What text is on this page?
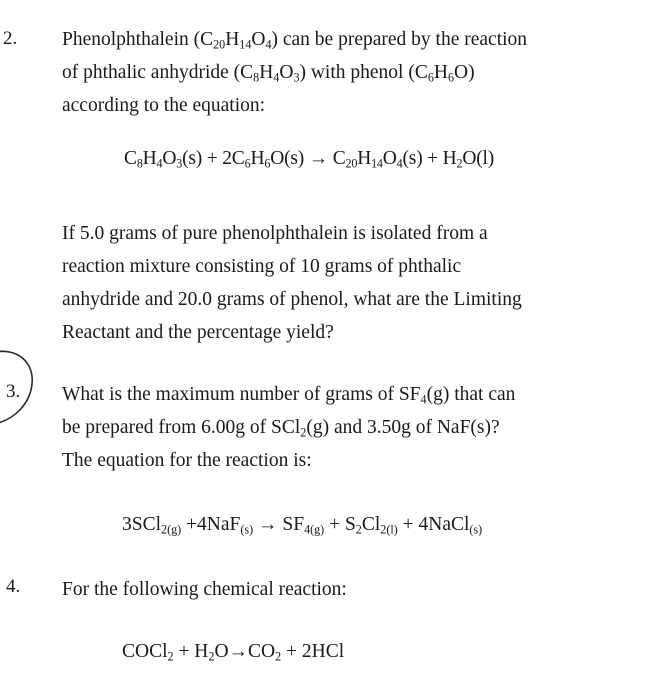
2. Phenolphthalein $(C_{20}H_{14}O_4)$ can be prepared by the reaction
of phthalic anhydride $(C_8H_4O_3)$ with phenol $(C_6H_6O)$
according to the equation:
$C_8H_4O_3(s) + 2C_6H_6O(s) \to C_{20}H_{14}O_4(s) + H_2O(l)$
If 5.0 grams of pure phenolphthalein is isolated from a
reaction mixture consisting of 10 grams of phthalic
anhydride and 20.0 grams of phenol, what are the Limiting
Reactant and the percentage yield?
3. What is the maximum number of grams of $SF_4(g)$ that can
be prepared from 6.00g of SCl$_2$(g) and 3.50g of NaF(s)?
The equation for the reaction is:
$3SCl_{2(g)} +4NaF_{(s)} \to SF_{4(g)} + S_2Cl_{2(l)}$ + 4NaCl$_{(s)}$
4. For the following chemical reaction:
COCl$_2$ + $H_2O\to CO_2 + 2HCl$
